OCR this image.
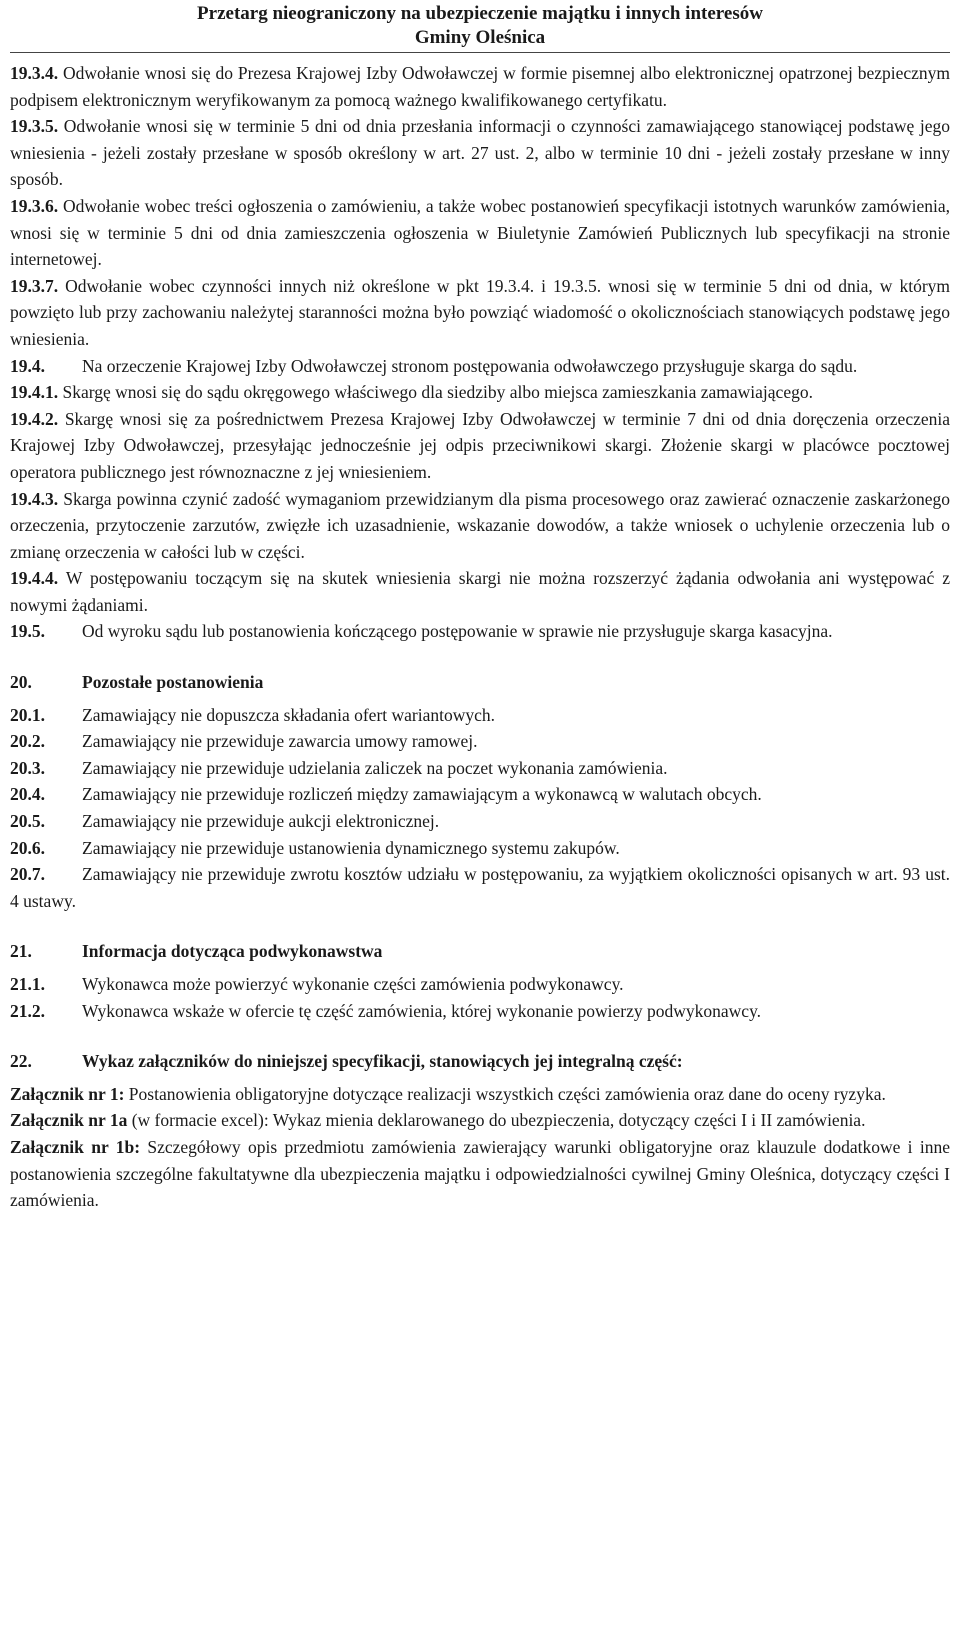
Przetarg nieograniczony na ubezpieczenie majątku i innych interesów
Gminy Oleśnica

19.3.4. Odwołanie wnosi się do Prezesa Krajowej Izby Odwoławczej w formie pisemnej albo elektronicznej opatrzonej bezpiecznym podpisem elektronicznym weryfikowanym za pomocą ważnego kwalifikowanego certyfikatu.

19.3.5. Odwołanie wnosi się w terminie 5 dni od dnia przesłania informacji o czynności zamawiającego stanowiącej podstawę jego wniesienia - jeżeli zostały przesłane w sposób określony w art. 27 ust. 2, albo w terminie 10 dni - jeżeli zostały przesłane w inny sposób.

19.3.6. Odwołanie wobec treści ogłoszenia o zamówieniu, a także wobec postanowień specyfikacji istotnych warunków zamówienia, wnosi się w terminie 5 dni od dnia zamieszczenia ogłoszenia w Biuletynie Zamówień Publicznych lub specyfikacji na stronie internetowej.

19.3.7. Odwołanie wobec czynności innych niż określone w pkt 19.3.4. i 19.3.5. wnosi się w terminie 5 dni od dnia, w którym powzięto lub przy zachowaniu należytej staranności można było powziąć wiadomość o okolicznościach stanowiących podstawę jego wniesienia.

19.4. Na orzeczenie Krajowej Izby Odwoławczej stronom postępowania odwoławczego przysługuje skarga do sądu.

19.4.1. Skargę wnosi się do sądu okręgowego właściwego dla siedziby albo miejsca zamieszkania zamawiającego.

19.4.2. Skargę wnosi się za pośrednictwem Prezesa Krajowej Izby Odwoławczej w terminie 7 dni od dnia doręczenia orzeczenia Krajowej Izby Odwoławczej, przesyłając jednocześnie jej odpis przeciwnikowi skargi. Złożenie skargi w placówce pocztowej operatora publicznego jest równoznaczne z jej wniesieniem.

19.4.3. Skarga powinna czynić zadość wymaganiom przewidzianym dla pisma procesowego oraz zawierać oznaczenie zaskarżonego orzeczenia, przytoczenie zarzutów, zwięzłe ich uzasadnienie, wskazanie dowodów, a także wniosek o uchylenie orzeczenia lub o zmianę orzeczenia w całości lub w części.

19.4.4. W postępowaniu toczącym się na skutek wniesienia skargi nie można rozszerzyć żądania odwołania ani występować z nowymi żądaniami.

19.5. Od wyroku sądu lub postanowienia kończącego postępowanie w sprawie nie przysługuje skarga kasacyjna.

20.	Pozostałe postanowienia

20.1. Zamawiający nie dopuszcza składania ofert wariantowych.

20.2. Zamawiający nie przewiduje zawarcia umowy ramowej.

20.3. Zamawiający nie przewiduje udzielania zaliczek na poczet wykonania zamówienia.

20.4. Zamawiający nie przewiduje rozliczeń między zamawiającym a wykonawcą w walutach obcych.

20.5. Zamawiający nie przewiduje aukcji elektronicznej.

20.6. Zamawiający nie przewiduje ustanowienia dynamicznego systemu zakupów.

20.7. Zamawiający nie przewiduje zwrotu kosztów udziału w postępowaniu, za wyjątkiem okoliczności opisanych w art. 93 ust. 4 ustawy.

21.	Informacja dotycząca podwykonawstwa

21.1. Wykonawca może powierzyć wykonanie części zamówienia podwykonawcy.

21.2. Wykonawca wskaże w ofercie tę część zamówienia, której wykonanie powierzy podwykonawcy.

22.	Wykaz załączników do niniejszej specyfikacji, stanowiących jej integralną część:

Załącznik nr 1: Postanowienia obligatoryjne dotyczące realizacji wszystkich części zamówienia oraz dane do oceny ryzyka.

Załącznik nr 1a (w formacie excel): Wykaz mienia deklarowanego do ubezpieczenia, dotyczący części I i II zamówienia.

Załącznik nr 1b: Szczegółowy opis przedmiotu zamówienia zawierający warunki obligatoryjne oraz klauzule dodatkowe i inne postanowienia szczególne fakultatywne dla ubezpieczenia majątku i odpowiedzialności cywilnej Gminy Oleśnica, dotyczący części I zamówienia.
